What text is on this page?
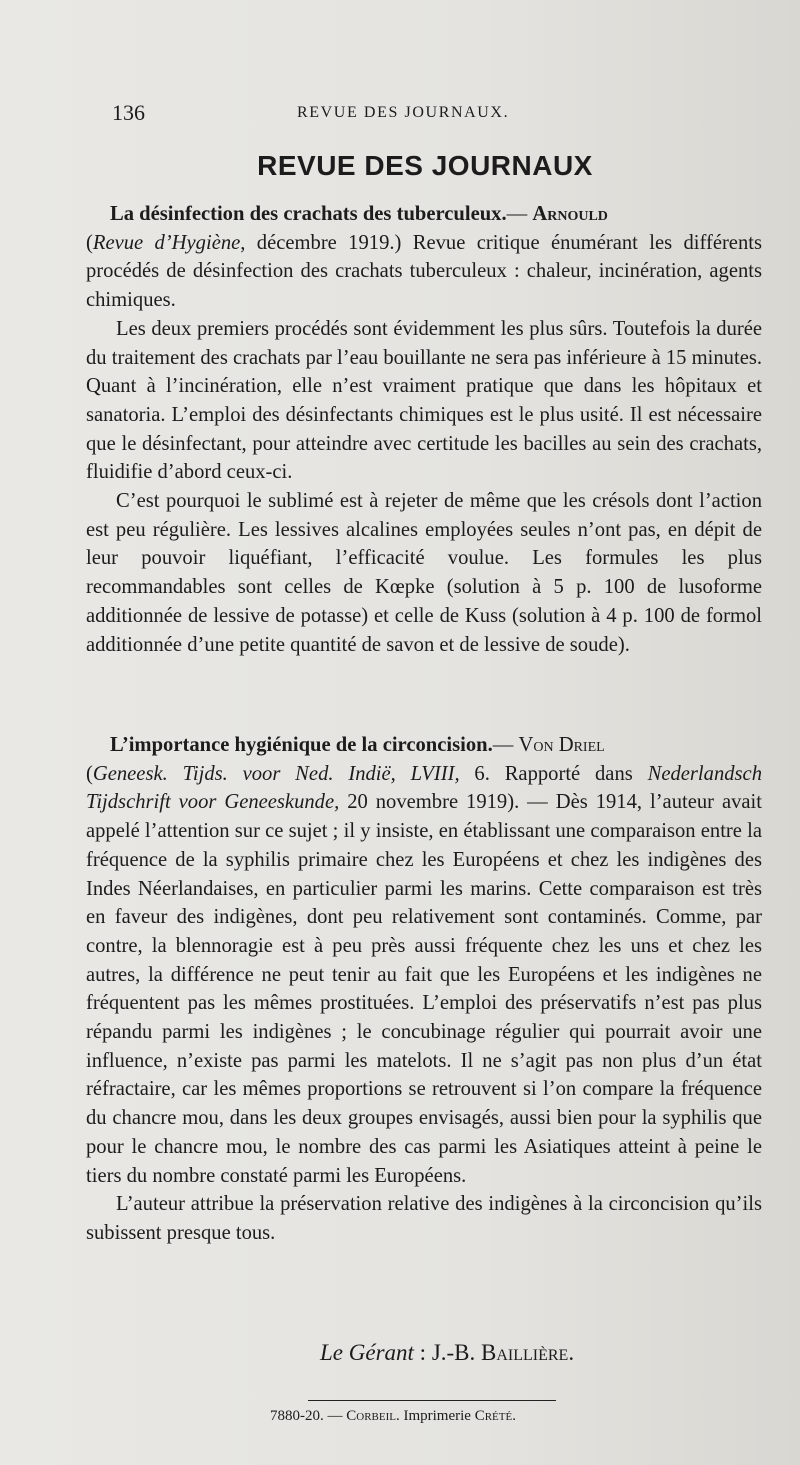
136	REVUE DES JOURNAUX.
REVUE DES JOURNAUX

La désinfection des crachats des tuberculeux.— Arnould
(Revue d’Hygiène, décembre 1919.) Revue critique énumérant les différents procédés de désinfection des crachats tuberculeux : chaleur, incinération, agents chimiques.

Les deux premiers procédés sont évidemment les plus sûrs. Toutefois la durée du traitement des crachats par l’eau bouillante ne sera pas inférieure à 15 minutes. Quant à l’incinération, elle n’est vraiment pratique que dans les hôpitaux et sanatoria. L’emploi des désinfectants chimiques est le plus usité. Il est nécessaire que le désinfectant, pour atteindre avec certitude les bacilles au sein des crachats, fluidifie d’abord ceux-ci.

C’est pourquoi le sublimé est à rejeter de même que les crésols dont l’action est peu régulière. Les lessives alcalines employées seules n’ont pas, en dépit de leur pouvoir liquéfiant, l’efficacité voulue. Les formules les plus recommandables sont celles de Kœpke (solution à 5 p. 100 de lusoforme additionnée de lessive de potasse) et celle de Kuss (solution à 4 p. 100 de formol additionnée d’une petite quantité de savon et de lessive de soude).

L’importance hygiénique de la circoncision.— Von Driel
(Geneesk. Tijds. voor Ned. Indië, LVIII, 6. Rapporté dans Nederlandsch Tijdschrift voor Geneeskunde, 20 novembre 1919). — Dès 1914, l’auteur avait appelé l’attention sur ce sujet ; il y insiste, en établissant une comparaison entre la fréquence de la syphilis primaire chez les Européens et chez les indigènes des Indes Néerlandaises, en particulier parmi les marins. Cette comparaison est très en faveur des indigènes, dont peu relativement sont contaminés. Comme, par contre, la blennoragie est à peu près aussi fréquente chez les uns et chez les autres, la différence ne peut tenir au fait que les Européens et les indigènes ne fréquentent pas les mêmes prostituées. L’emploi des préservatifs n’est pas plus répandu parmi les indigènes ; le concubinage régulier qui pourrait avoir une influence, n’existe pas parmi les matelots. Il ne s’agit pas non plus d’un état réfractaire, car les mêmes proportions se retrouvent si l’on compare la fréquence du chancre mou, dans les deux groupes envisagés, aussi bien pour la syphilis que pour le chancre mou, le nombre des cas parmi les Asiatiques atteint à peine le tiers du nombre constaté parmi les Européens.

L’auteur attribue la préservation relative des indigènes à la circoncision qu’ils subissent presque tous.

Le Gérant : J.-B. Baillière.
7880-20. — Corbeil. Imprimerie Crété.
